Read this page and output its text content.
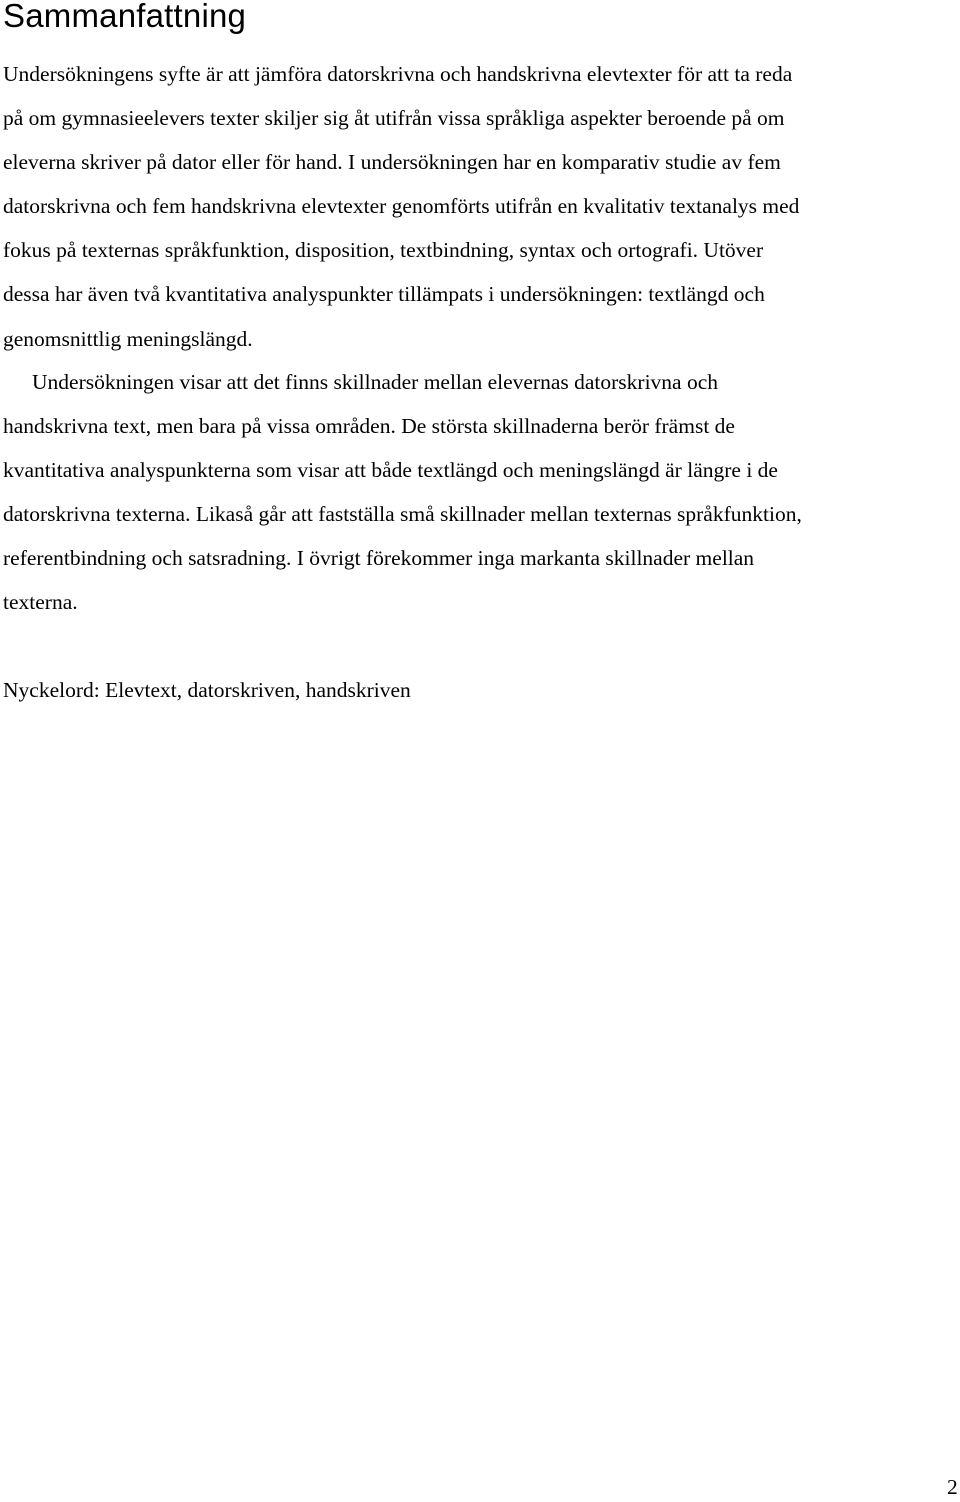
Sammanfattning
Undersökningens syfte är att jämföra datorskrivna och handskrivna elevtexter för att ta reda
på om gymnasieelevers texter skiljer sig åt utifrån vissa språkliga aspekter beroende på om
eleverna skriver på dator eller för hand. I undersökningen har en komparativ studie av fem
datorskrivna och fem handskrivna elevtexter genomförts utifrån en kvalitativ textanalys med
fokus på texternas språkfunktion, disposition, textbindning, syntax och ortografi. Utöver
dessa har även två kvantitativa analyspunkter tillämpats i undersökningen: textlängd och
genomsnittlig meningslängd.
Undersökningen visar att det finns skillnader mellan elevernas datorskrivna och
handskrivna text, men bara på vissa områden. De största skillnaderna berör främst de
kvantitativa analyspunkterna som visar att både textlängd och meningslängd är längre i de
datorskrivna texterna. Likaså går att fastställa små skillnader mellan texternas språkfunktion,
referentbindning och satsradning. I övrigt förekommer inga markanta skillnader mellan
texterna.
Nyckelord: Elevtext, datorskriven, handskriven
2
